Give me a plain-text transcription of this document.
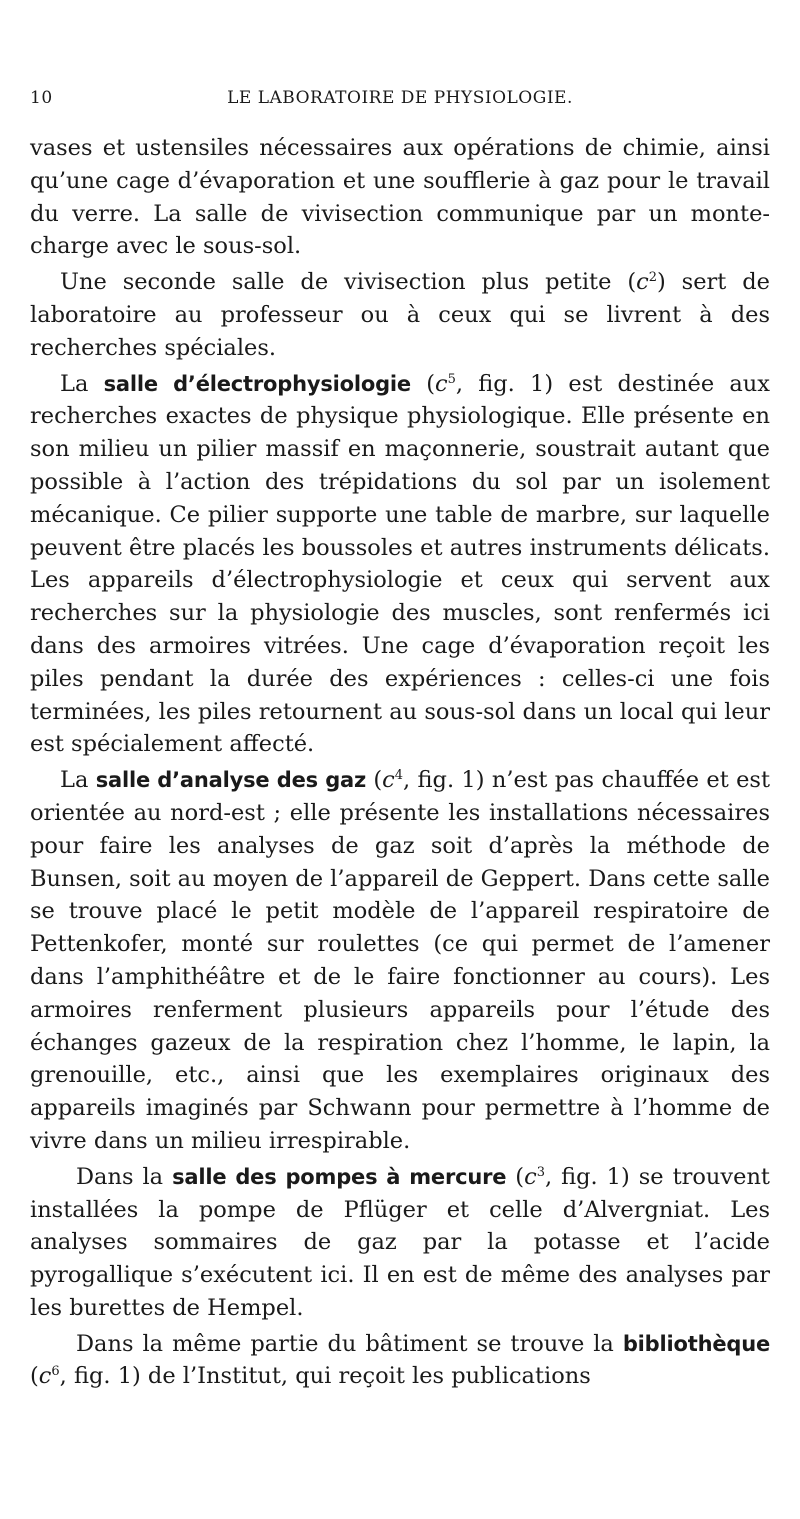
10	LE LABORATOIRE DE PHYSIOLOGIE.

vases et ustensiles nécessaires aux opérations de chimie, ainsi qu’une cage d’évaporation et une soufflerie à gaz pour le travail du verre. La salle de vivisection communique par un monte-charge avec le sous-sol.

Une seconde salle de vivisection plus petite $(c^2)$ sert de laboratoire au professeur ou à ceux qui se livrent à des recherches spéciales.

La salle d’électrophysiologie ($c^5$, fig. 1) est destinée aux recherches exactes de physique physiologique. Elle présente en son milieu un pilier massif en maçonnerie, soustrait autant que possible à l’action des trépidations du sol par un isolement mécanique. Ce pilier supporte une table de marbre, sur laquelle peuvent être placés les boussoles et autres instruments délicats. Les appareils d’électrophysiologie et ceux qui servent aux recherches sur la physiologie des muscles, sont renfermés ici dans des armoires vitrées. Une cage d’évaporation reçoit les piles pendant la durée des expériences : celles-ci une fois terminées, les piles retournent au sous-sol dans un local qui leur est spécialement affecté.

La salle d’analyse des gaz ($c^4$, fig. 1) n’est pas chauffée et est orientée au nord-est ; elle présente les installations nécessaires pour faire les analyses de gaz soit d’après la méthode de Bunsen, soit au moyen de l’appareil de Geppert. Dans cette salle se trouve placé le petit modèle de l’appareil respiratoire de Pettenkofer, monté sur roulettes (ce qui permet de l’amener dans l’amphithéâtre et de le faire fonctionner au cours). Les armoires renferment plusieurs appareils pour l’étude des échanges gazeux de la respiration chez l’homme, le lapin, la grenouille, etc., ainsi que les exemplaires originaux des appareils imaginés par Schwann pour permettre à l’homme de vivre dans un milieu irrespirable.

Dans la salle des pompes à mercure ($c^3$, fig. 1) se trouvent installées la pompe de Pflüger et celle d’Alvergniat. Les analyses sommaires de gaz par la potasse et l’acide pyrogallique s’exécutent ici. Il en est de même des analyses par les burettes de Hempel.

Dans la même partie du bâtiment se trouve la bibliothèque ($c^6$, fig. 1) de l’Institut, qui reçoit les publications
